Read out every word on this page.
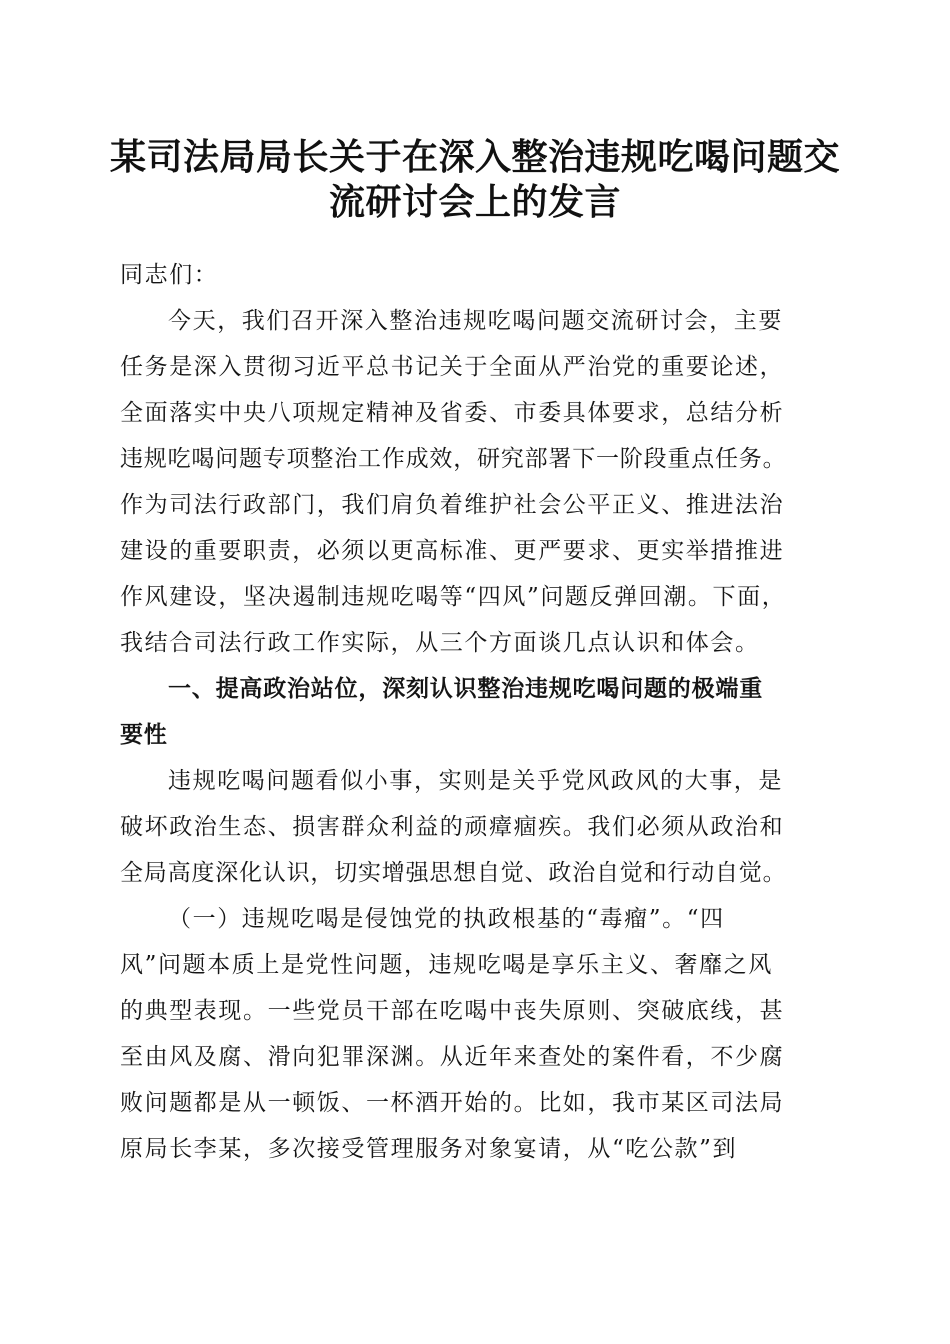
某司法局局长关于在深入整治违规吃喝问题交
流研讨会上的发言
同志们：
今天，我们召开深入整治违规吃喝问题交流研讨会，主要
任务是深入贯彻习近平总书记关于全面从严治党的重要论述，
全面落实中央八项规定精神及省委、市委具体要求，总结分析
违规吃喝问题专项整治工作成效，研究部署下一阶段重点任务。
作为司法行政部门，我们肩负着维护社会公平正义、推进法治
建设的重要职责，必须以更高标准、更严要求、更实举措推进
作风建设，坚决遏制违规吃喝等“四风”问题反弹回潮。下面，
我结合司法行政工作实际，从三个方面谈几点认识和体会。
一、提高政治站位，深刻认识整治违规吃喝问题的极端重
要性
违规吃喝问题看似小事，实则是关乎党风政风的大事，是
破坏政治生态、损害群众利益的顽瘴痼疾。我们必须从政治和
全局高度深化认识，切实增强思想自觉、政治自觉和行动自觉。
（一）违规吃喝是侵蚀党的执政根基的“毒瘤”。“四
风”问题本质上是党性问题，违规吃喝是享乐主义、奢靡之风
的典型表现。一些党员干部在吃喝中丧失原则、突破底线，甚
至由风及腐、滑向犯罪深渊。从近年来查处的案件看，不少腐
败问题都是从一顿饭、一杯酒开始的。比如，我市某区司法局
原局长李某，多次接受管理服务对象宴请，从“吃公款”到
